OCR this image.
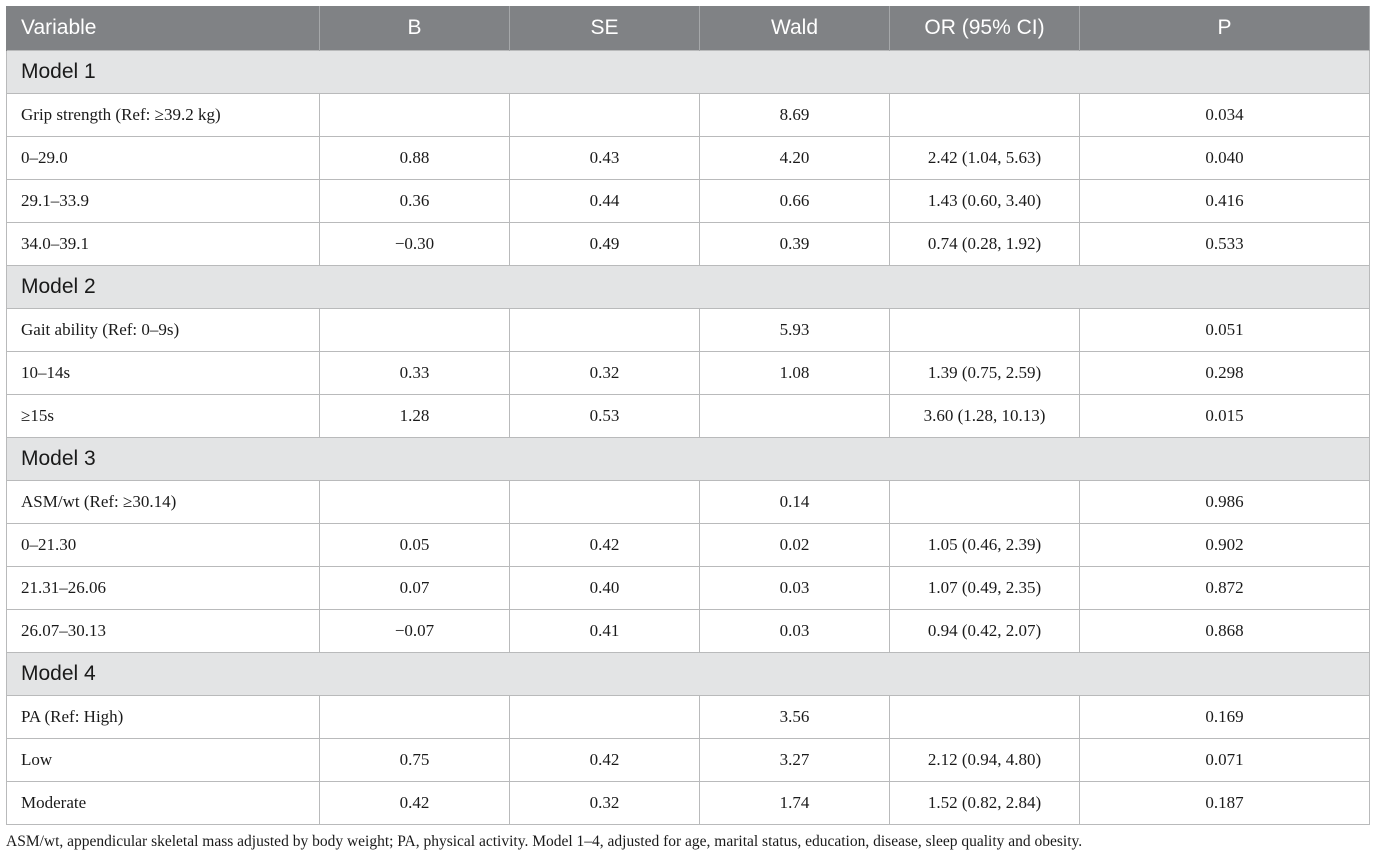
Variable	B	SE	Wald	OR (95% CI)	P
Model 1					
Grip strength (Ref: ≥39.2 kg)			8.69		0.034
0–29.0	0.88	0.43	4.20	2.42 (1.04, 5.63)	0.040
29.1–33.9	0.36	0.44	0.66	1.43 (0.60, 3.40)	0.416
34.0–39.1	−0.30	0.49	0.39	0.74 (0.28, 1.92)	0.533
Model 2					
Gait ability (Ref: 0–9s)			5.93		0.051
10–14s	0.33	0.32	1.08	1.39 (0.75, 2.59)	0.298
≥15s	1.28	0.53		3.60 (1.28, 10.13)	0.015
Model 3					
ASM/wt (Ref: ≥30.14)			0.14		0.986
0–21.30	0.05	0.42	0.02	1.05 (0.46, 2.39)	0.902
21.31–26.06	0.07	0.40	0.03	1.07 (0.49, 2.35)	0.872
26.07–30.13	−0.07	0.41	0.03	0.94 (0.42, 2.07)	0.868
Model 4					
PA (Ref: High)			3.56		0.169
Low	0.75	0.42	3.27	2.12 (0.94, 4.80)	0.071
Moderate	0.42	0.32	1.74	1.52 (0.82, 2.84)	0.187
ASM/wt, appendicular skeletal mass adjusted by body weight; PA, physical activity. Model 1–4, adjusted for age, marital status, education, disease, sleep quality and obesity.
